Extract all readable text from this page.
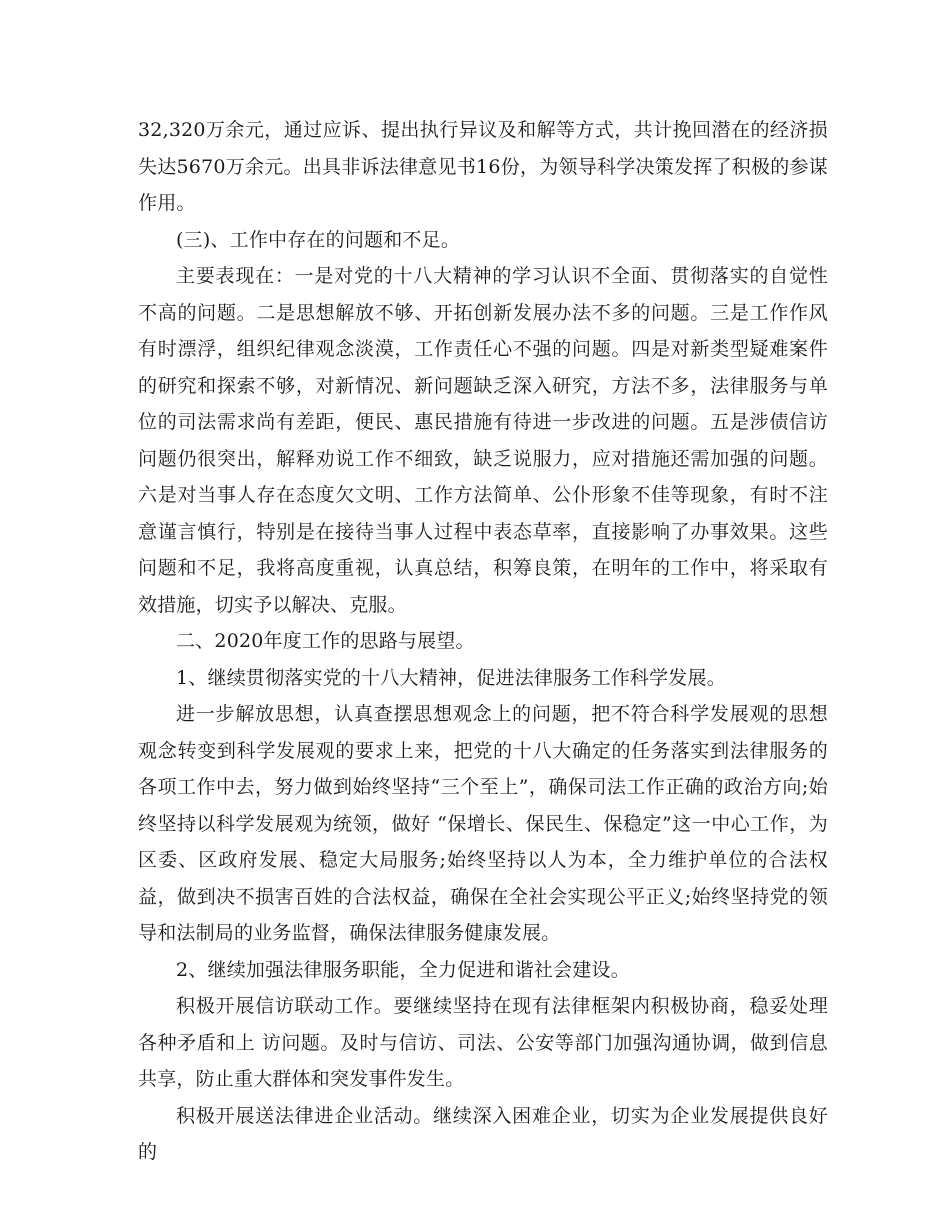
32,320万余元，通过应诉、提出执行异议及和解等方式，共计挽回潜在的经济损失达5670万余元。出具非诉法律意见书16份，为领导科学决策发挥了积极的参谋作用。

(三)、工作中存在的问题和不足。

主要表现在：一是对党的十八大精神的学习认识不全面、贯彻落实的自觉性不高的问题。二是思想解放不够、开拓创新发展办法不多的问题。三是工作作风有时漂浮，组织纪律观念淡漠，工作责任心不强的问题。四是对新类型疑难案件的研究和探索不够，对新情况、新问题缺乏深入研究，方法不多，法律服务与单位的司法需求尚有差距，便民、惠民措施有待进一步改进的问题。五是涉债信访问题仍很突出，解释劝说工作不细致，缺乏说服力，应对措施还需加强的问题。六是对当事人存在态度欠文明、工作方法简单、公仆形象不佳等现象，有时不注意谨言慎行，特别是在接待当事人过程中表态草率，直接影响了办事效果。这些问题和不足，我将高度重视，认真总结，积筹良策，在明年的工作中，将采取有效措施，切实予以解决、克服。

二、2020年度工作的思路与展望。

1、继续贯彻落实党的十八大精神，促进法律服务工作科学发展。

进一步解放思想，认真查摆思想观念上的问题，把不符合科学发展观的思想观念转变到科学发展观的要求上来，把党的十八大确定的任务落实到法律服务的各项工作中去，努力做到始终坚持“三个至上”，确保司法工作正确的政治方向;始终坚持以科学发展观为统领，做好 “保增长、保民生、保稳定”这一中心工作，为区委、区政府发展、稳定大局服务;始终坚持以人为本，全力维护单位的合法权益，做到决不损害百姓的合法权益，确保在全社会实现公平正义;始终坚持党的领导和法制局的业务监督，确保法律服务健康发展。

2、继续加强法律服务职能，全力促进和谐社会建设。

积极开展信访联动工作。要继续坚持在现有法律框架内积极协商，稳妥处理各种矛盾和上 访问题。及时与信访、司法、公安等部门加强沟通协调，做到信息共享，防止重大群体和突发事件发生。

积极开展送法律进企业活动。继续深入困难企业，切实为企业发展提供良好的
